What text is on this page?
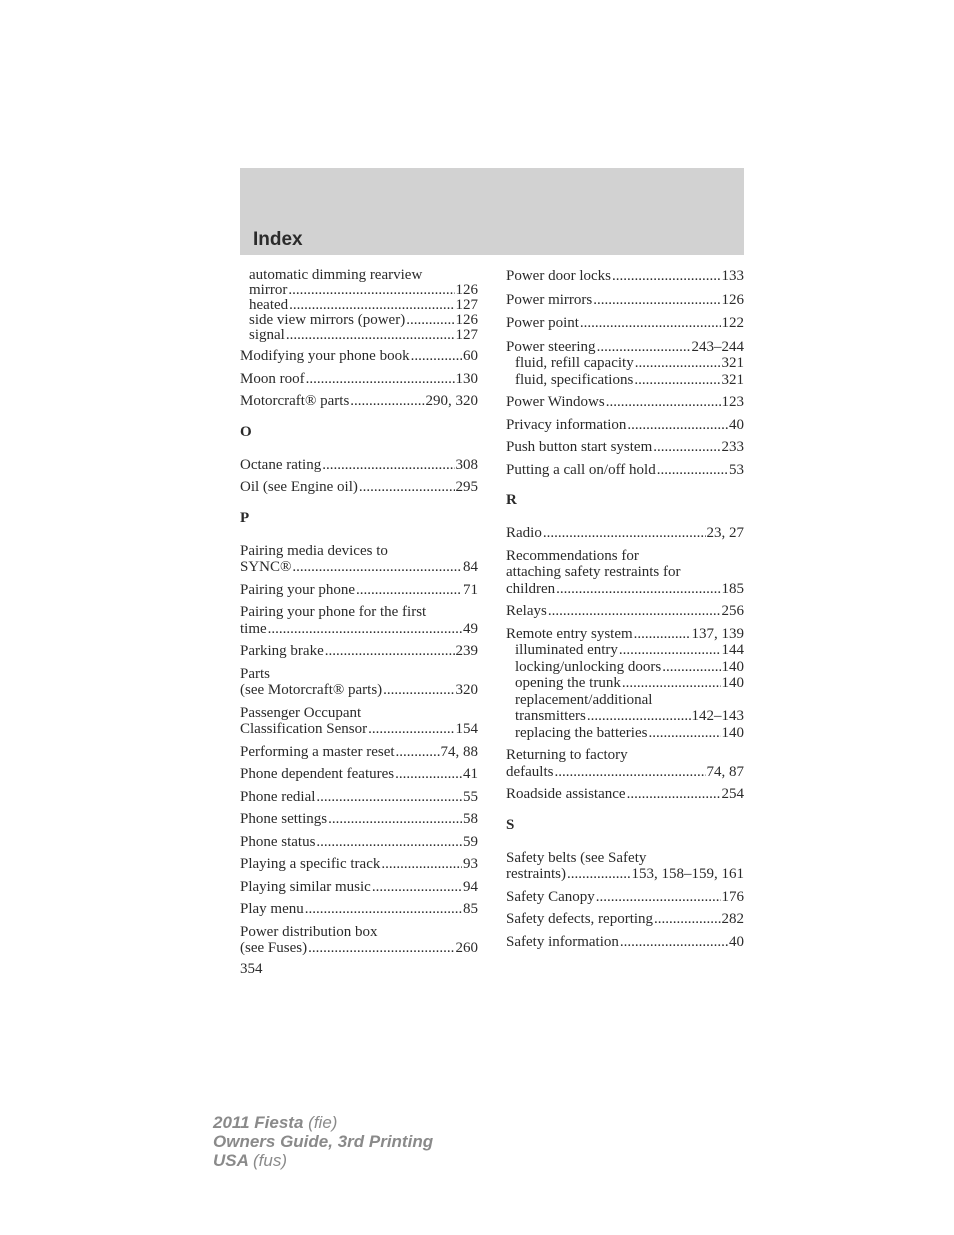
Index
automatic dimming rearview
mirror .....	126
heated .....	127
side view mirrors (power) .....	126
signal .....	127
Modifying your phone book .....	60
Moon roof .....	130
Motorcraft® parts .....	290, 320
O
Octane rating .....	308
Oil (see Engine oil) .....	295
P
Pairing media devices to
SYNC® .....	84
Pairing your phone .....	71
Pairing your phone for the first
time .....	49
Parking brake .....	239
Parts
(see Motorcraft® parts) .....	320
Passenger Occupant
Classification Sensor .....	154
Performing a master reset .....	74, 88
Phone dependent features .....	41
Phone redial .....	55
Phone settings .....	58
Phone status .....	59
Playing a specific track .....	93
Playing similar music .....	94
Play menu .....	85
Power distribution box
(see Fuses) .....	260
354
Power door locks .....	133
Power mirrors .....	126
Power point .....	122
Power steering .....	243–244
fluid, refill capacity .....	321
fluid, specifications .....	321
Power Windows .....	123
Privacy information .....	40
Push button start system .....	233
Putting a call on/off hold .....	53
R
Radio .....	23, 27
Recommendations for
attaching safety restraints for
children .....	185
Relays .....	256
Remote entry system .....	137, 139
illuminated entry .....	144
locking/unlocking doors .....	140
opening the trunk .....	140
replacement/additional
transmitters .....	142–143
replacing the batteries .....	140
Returning to factory
defaults .....	74, 87
Roadside assistance .....	254
S
Safety belts (see Safety
restraints) .....	153, 158–159, 161
Safety Canopy .....	176
Safety defects, reporting .....	282
Safety information .....	40
2011 Fiesta (fie)
Owners Guide, 3rd Printing
USA (fus)
